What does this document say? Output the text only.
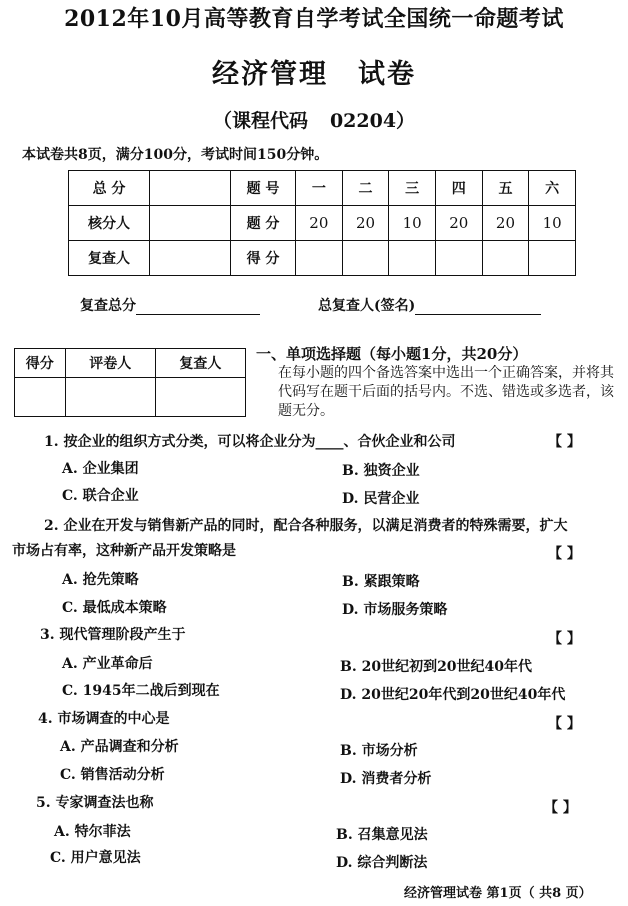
2012年10月高等教育自学考试全国统一命题考试
经济管理 试卷
（课程代码 02204）
本试卷共8页，满分100分，考试时间150分钟。
总 分		题 号	一	二	三	四	五	六
核分人		题 分	20	20	10	20	20	10
复查人		得 分						
复查总分	总复查人(签名)
得分	评卷人	复查人

一、单项选择题（每小题1分，共20分）
在每小题的四个备选答案中选出一个正确答案，并将其代码写在题干后面的括号内。不选、错选或多选者，该题无分。
1. 按企业的组织方式分类，可以将企业分为____、合伙企业和公司	【 】
A. 企业集团	B. 独资企业
C. 联合企业	D. 民营企业
2. 企业在开发与销售新产品的同时，配合各种服务，以满足消费者的特殊需要，扩大
市场占有率，这种新产品开发策略是	【 】
A. 抢先策略	B. 紧跟策略
C. 最低成本策略	D. 市场服务策略
3. 现代管理阶段产生于	【 】
A. 产业革命后	B. 20世纪初到20世纪40年代
C. 1945年二战后到现在	D. 20世纪20年代到20世纪40年代
4. 市场调查的中心是	【 】
A. 产品调查和分析	B. 市场分析
C. 销售活动分析	D. 消费者分析
5. 专家调查法也称	【 】
A. 特尔菲法	B. 召集意见法
C. 用户意见法	D. 综合判断法
经济管理试卷 第1页（ 共8 页）
